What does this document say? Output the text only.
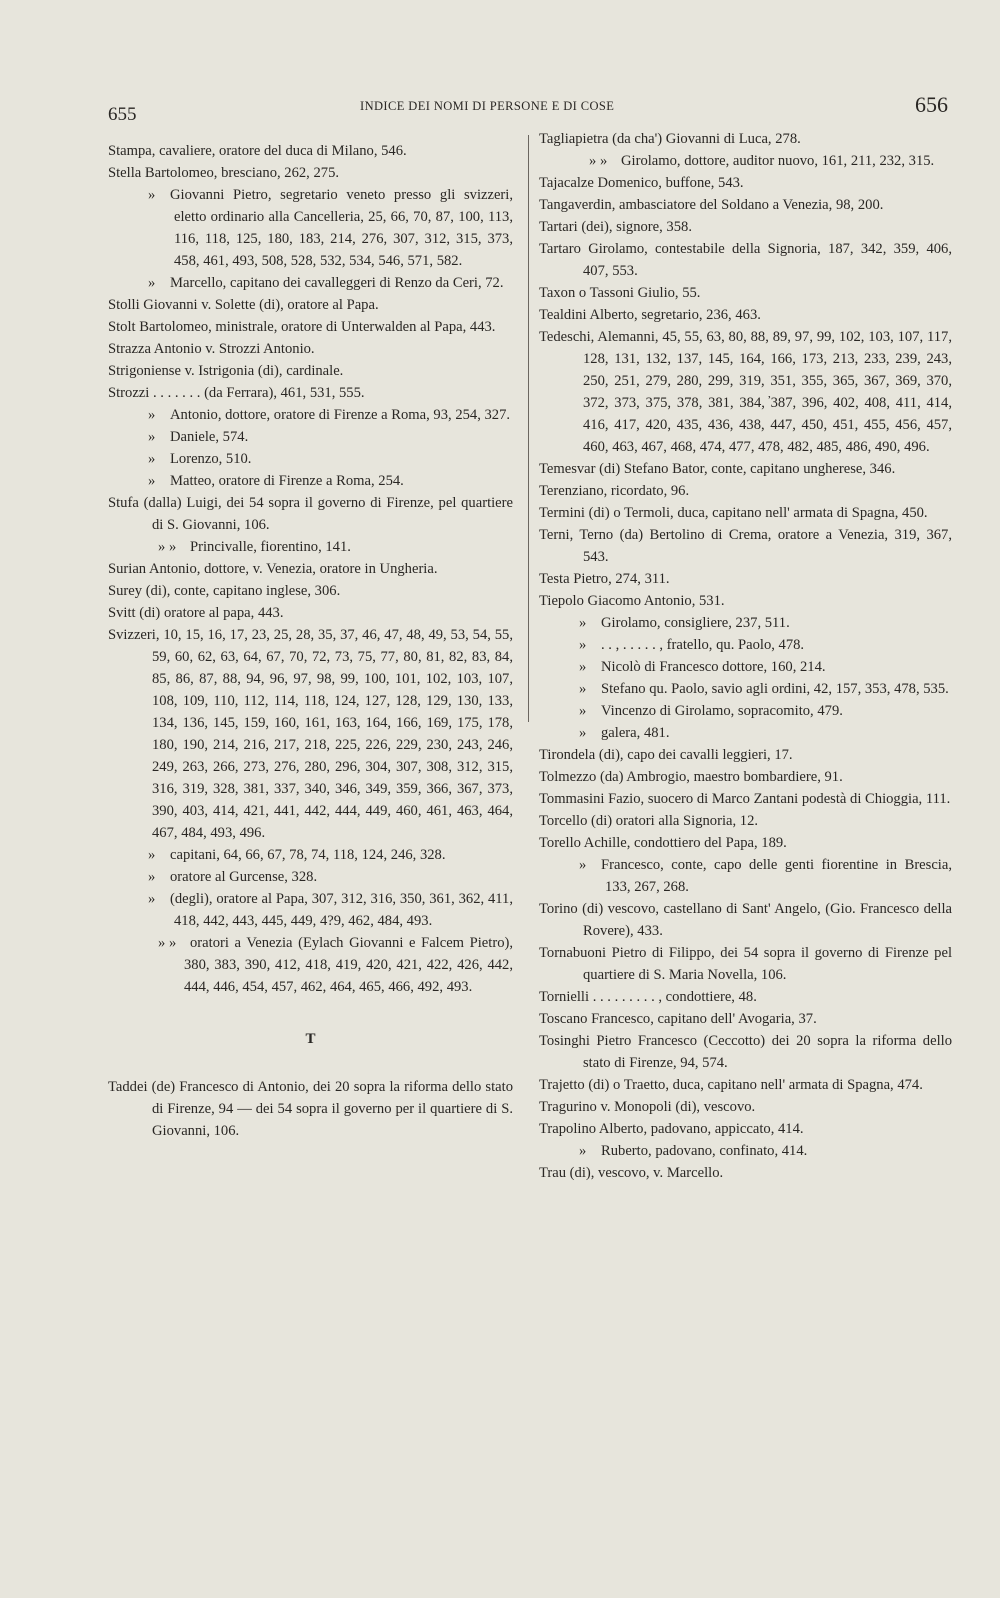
655	INDICE DEI NOMI DI PERSONE E DI COSE	656
Stampa, cavaliere, oratore del duca di Milano, 546.
Stella Bartolomeo, bresciano, 262, 275.
» Giovanni Pietro, segretario veneto presso gli svizzeri, eletto ordinario alla Cancelleria, 25, 66, 70, 87, 100, 113, 116, 118, 125, 180, 183, 214, 276, 307, 312, 315, 373, 458, 461, 493, 508, 528, 532, 534, 546, 571, 582.
» Marcello, capitano dei cavalleggeri di Renzo da Ceri, 72.
Stolli Giovanni v. Solette (di), oratore al Papa.
Stolt Bartolomeo, ministrale, oratore di Unterwalden al Papa, 443.
Strazza Antonio v. Strozzi Antonio.
Strigoniense v. Istrigonia (di), cardinale.
Strozzi . . . . . . . (da Ferrara), 461, 531, 555.
» Antonio, dottore, oratore di Firenze a Roma, 93, 254, 327.
» Daniele, 574.
» Lorenzo, 510.
» Matteo, oratore di Firenze a Roma, 254.
Stufa (dalla) Luigi, dei 54 sopra il governo di Firenze, pel quartiere di S. Giovanni, 106.
» » Princivalle, fiorentino, 141.
Surian Antonio, dottore, v. Venezia, oratore in Ungheria.
Surey (di), conte, capitano inglese, 306.
Svitt (di) oratore al papa, 443.
Svizzeri, 10, 15, 16, 17, 23, 25, 28, 35, 37, 46, 47, 48, 49, 53, 54, 55, 59, 60, 62, 63, 64, 67, 70, 72, 73, 75, 77, 80, 81, 82, 83, 84, 85, 86, 87, 88, 94, 96, 97, 98, 99, 100, 101, 102, 103, 107, 108, 109, 110, 112, 114, 118, 124, 127, 128, 129, 130, 133, 134, 136, 145, 159, 160, 161, 163, 164, 166, 169, 175, 178, 180, 190, 214, 216, 217, 218, 225, 226, 229, 230, 243, 246, 249, 263, 266, 273, 276, 280, 296, 304, 307, 308, 312, 315, 316, 319, 328, 381, 337, 340, 346, 349, 359, 366, 367, 373, 390, 403, 414, 421, 441, 442, 444, 449, 460, 461, 463, 464, 467, 484, 493, 496.
» capitani, 64, 66, 67, 78, 74, 118, 124, 246, 328.
» oratore al Gurcense, 328.
» (degli), oratore al Papa, 307, 312, 316, 350, 361, 362, 411, 418, 442, 443, 445, 449, 4?9, 462, 484, 493.
» » oratori a Venezia (Eylach Giovanni e Falcem Pietro), 380, 383, 390, 412, 418, 419, 420, 421, 422, 426, 442, 444, 446, 454, 457, 462, 464, 465, 466, 492, 493.
T
Taddei (de) Francesco di Antonio, dei 20 sopra la riforma dello stato di Firenze, 94 — dei 54 sopra il governo per il quartiere di S. Giovanni, 106.
Tagliapietra (da cha') Giovanni di Luca, 278.
» » Girolamo, dottore, auditor nuovo, 161, 211, 232, 315.
Tajacalze Domenico, buffone, 543.
Tangaverdin, ambasciatore del Soldano a Venezia, 98, 200.
Tartari (dei), signore, 358.
Tartaro Girolamo, contestabile della Signoria, 187, 342, 359, 406, 407, 553.
Taxon o Tassoni Giulio, 55.
Tealdini Alberto, segretario, 236, 463.
Tedeschi, Alemanni, 45, 55, 63, 80, 88, 89, 97, 99, 102, 103, 107, 117, 128, 131, 132, 137, 145, 164, 166, 173, 213, 233, 239, 243, 250, 251, 279, 280, 299, 319, 351, 355, 365, 367, 369, 370, 372, 373, 375, 378, 381, 384, ̕387, 396, 402, 408, 411, 414, 416, 417, 420, 435, 436, 438, 447, 450, 451, 455, 456, 457, 460, 463, 467, 468, 474, 477, 478, 482, 485, 486, 490, 496.
Temesvar (di) Stefano Bator, conte, capitano ungherese, 346.
Terenziano, ricordato, 96.
Termini (di) o Termoli, duca, capitano nell' armata di Spagna, 450.
Terni, Terno (da) Bertolino di Crema, oratore a Venezia, 319, 367, 543.
Testa Pietro, 274, 311.
Tiepolo Giacomo Antonio, 531.
» Girolamo, consigliere, 237, 511.
» . . , . . . . . , fratello, qu. Paolo, 478.
» Nicolò di Francesco dottore, 160, 214.
» Stefano qu. Paolo, savio agli ordini, 42, 157, 353, 478, 535.
» Vincenzo di Girolamo, sopracomito, 479.
» galera, 481.
Tirondela (di), capo dei cavalli leggieri, 17.
Tolmezzo (da) Ambrogio, maestro bombardiere, 91.
Tommasini Fazio, suocero di Marco Zantani podestà di Chioggia, 111.
Torcello (di) oratori alla Signoria, 12.
Torello Achille, condottiero del Papa, 189.
» Francesco, conte, capo delle genti fiorentine in Brescia, 133, 267, 268.
Torino (di) vescovo, castellano di Sant' Angelo, (Gio. Francesco della Rovere), 433.
Tornabuoni Pietro di Filippo, dei 54 sopra il governo di Firenze pel quartiere di S. Maria Novella, 106.
Tornielli . . . . . . . . . , condottiere, 48.
Toscano Francesco, capitano dell' Avogaria, 37.
Tosinghi Pietro Francesco (Ceccotto) dei 20 sopra la riforma dello stato di Firenze, 94, 574.
Trajetto (di) o Traetto, duca, capitano nell' armata di Spagna, 474.
Tragurino v. Monopoli (di), vescovo.
Trapolino Alberto, padovano, appiccato, 414.
» Ruberto, padovano, confinato, 414.
Trau (di), vescovo, v. Marcello.
